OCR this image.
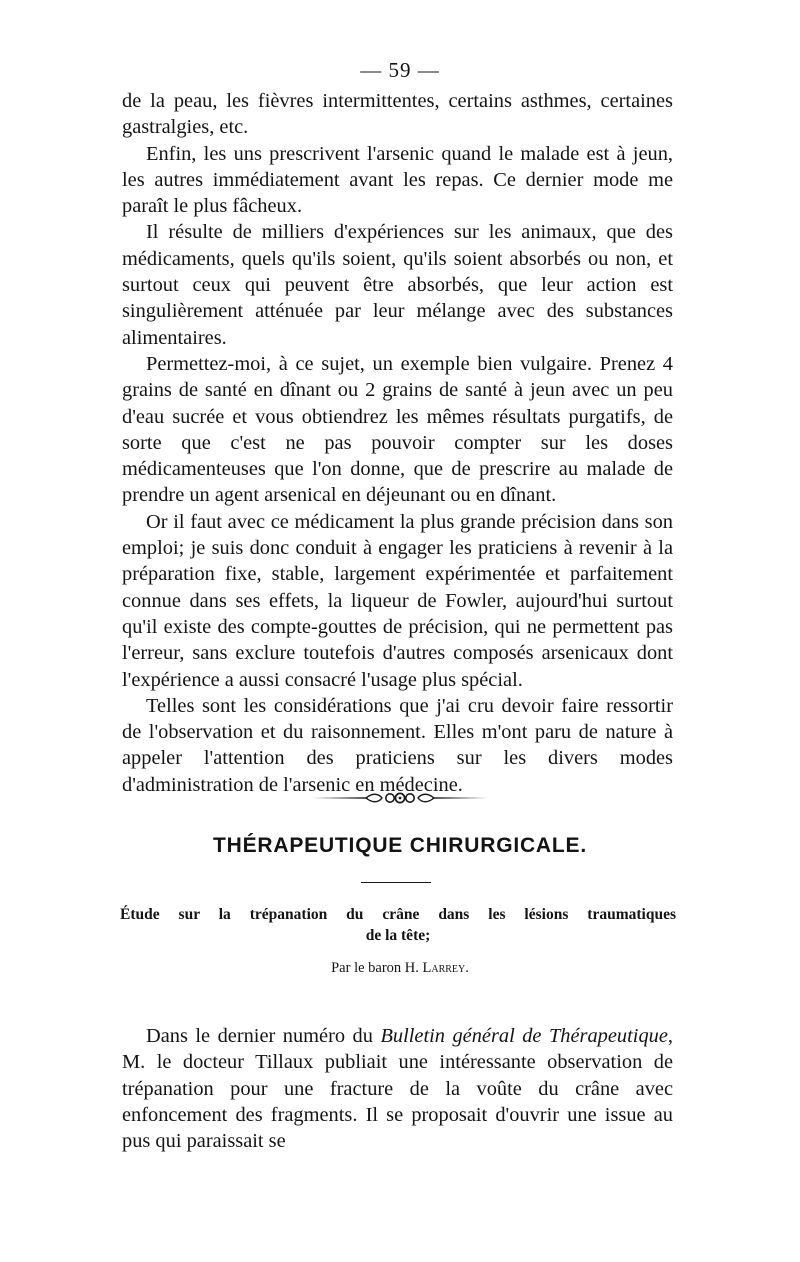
— 59 —

de la peau, les fièvres intermittentes, certains asthmes, certaines gastralgies, etc.

Enfin, les uns prescrivent l'arsenic quand le malade est à jeun, les autres immédiatement avant les repas. Ce dernier mode me paraît le plus fâcheux.

Il résulte de milliers d'expériences sur les animaux, que des médicaments, quels qu'ils soient, qu'ils soient absorbés ou non, et surtout ceux qui peuvent être absorbés, que leur action est singulièrement atténuée par leur mélange avec des substances alimentaires.

Permettez-moi, à ce sujet, un exemple bien vulgaire. Prenez 4 grains de santé en dînant ou 2 grains de santé à jeun avec un peu d'eau sucrée et vous obtiendrez les mêmes résultats purgatifs, de sorte que c'est ne pas pouvoir compter sur les doses médicamenteuses que l'on donne, que de prescrire au malade de prendre un agent arsenical en déjeunant ou en dînant.

Or il faut avec ce médicament la plus grande précision dans son emploi; je suis donc conduit à engager les praticiens à revenir à la préparation fixe, stable, largement expérimentée et parfaitement connue dans ses effets, la liqueur de Fowler, aujourd'hui surtout qu'il existe des compte-gouttes de précision, qui ne permettent pas l'erreur, sans exclure toutefois d'autres composés arsenicaux dont l'expérience a aussi consacré l'usage plus spécial.

Telles sont les considérations que j'ai cru devoir faire ressortir de l'observation et du raisonnement. Elles m'ont paru de nature à appeler l'attention des praticiens sur les divers modes d'administration de l'arsenic en médecine.

THÉRAPEUTIQUE CHIRURGICALE.
Étude sur la trépanation du crâne dans les lésions traumatiques
de la tête;
Par le baron H. Larrey.

Dans le dernier numéro du Bulletin général de Thérapeutique, M. le docteur Tillaux publiait une intéressante observation de trépanation pour une fracture de la voûte du crâne avec enfoncement des fragments. Il se proposait d'ouvrir une issue au pus qui paraissait se
